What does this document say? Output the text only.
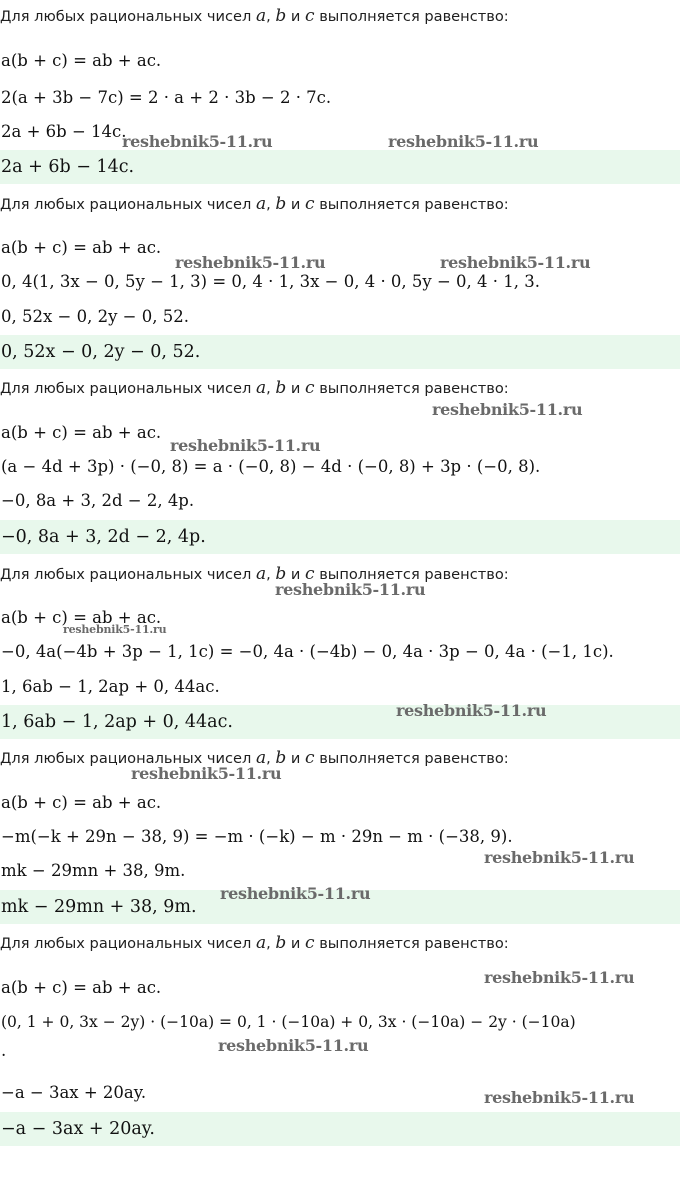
Для любых рациональных чисел a, b и c выполняется равенство:

a(b + c) = ab + ac.

2(a + 3b − 7c) = 2 · a + 2 · 3b − 2 · 7c.

2a + 6b − 14c.

2a + 6b − 14c.

Для любых рациональных чисел a, b и c выполняется равенство:

a(b + c) = ab + ac.

0, 4(1, 3x − 0, 5y − 1, 3) = 0, 4 · 1, 3x − 0, 4 · 0, 5y − 0, 4 · 1, 3.

0, 52x − 0, 2y − 0, 52.

0, 52x − 0, 2y − 0, 52.

Для любых рациональных чисел a, b и c выполняется равенство:

a(b + c) = ab + ac.

(a − 4d + 3p) · (−0, 8) = a · (−0, 8) − 4d · (−0, 8) + 3p · (−0, 8).

−0, 8a + 3, 2d − 2, 4p.

−0, 8a + 3, 2d − 2, 4p.

Для любых рациональных чисел a, b и c выполняется равенство:

a(b + c) = ab + ac.

−0, 4a(−4b + 3p − 1, 1c) = −0, 4a · (−4b) − 0, 4a · 3p − 0, 4a · (−1, 1c).

1, 6ab − 1, 2ap + 0, 44ac.

1, 6ab − 1, 2ap + 0, 44ac.

Для любых рациональных чисел a, b и c выполняется равенство:

a(b + c) = ab + ac.

−m(−k + 29n − 38, 9) = −m · (−k) − m · 29n − m · (−38, 9).

mk − 29mn + 38, 9m.

mk − 29mn + 38, 9m.

Для любых рациональных чисел a, b и c выполняется равенство:

a(b + c) = ab + ac.

(0, 1 + 0, 3x − 2y) · (−10a) = 0, 1 · (−10a) + 0, 3x · (−10a) − 2y · (−10a)

.

−a − 3ax + 20ay.

−a − 3ax + 20ay.

reshebnik5-11.ru	reshebnik5-11.ru
reshebnik5-11.ru	reshebnik5-11.ru
reshebnik5-11.ru
reshebnik5-11.ru
reshebnik5-11.ru
reshebnik5-11.ru
reshebnik5-11.ru
reshebnik5-11.ru
reshebnik5-11.ru
reshebnik5-11.ru
reshebnik5-11.ru
reshebnik5-11.ru
reshebnik5-11.ru
